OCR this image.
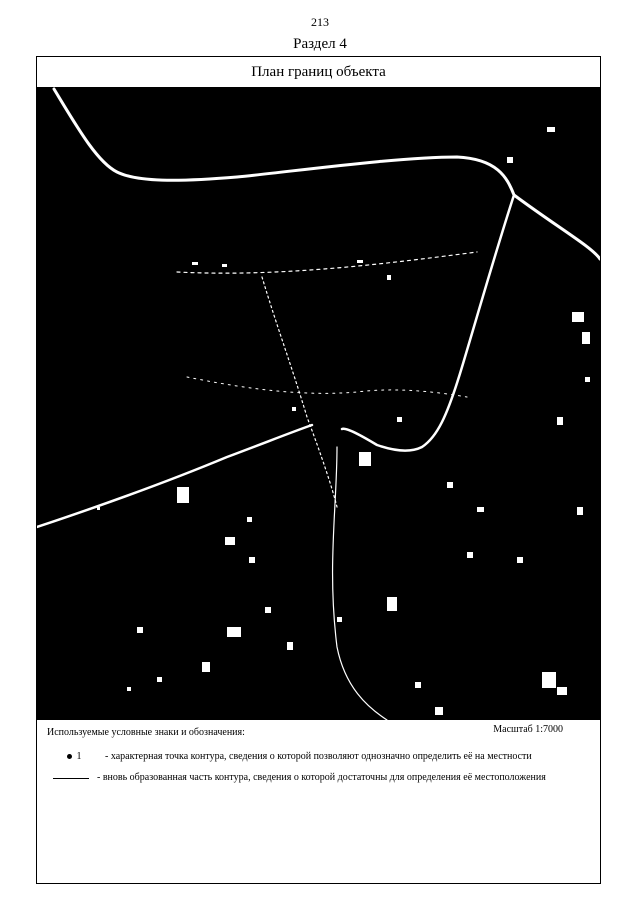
213
Раздел 4
План границ объекта
Используемые условные знаки и обозначения:	Масштаб 1:7000
1 - характерная точка контура, сведения о которой позволяют однозначно определить её на местности
- вновь образованная часть контура, сведения о которой достаточны для определения её местоположения
